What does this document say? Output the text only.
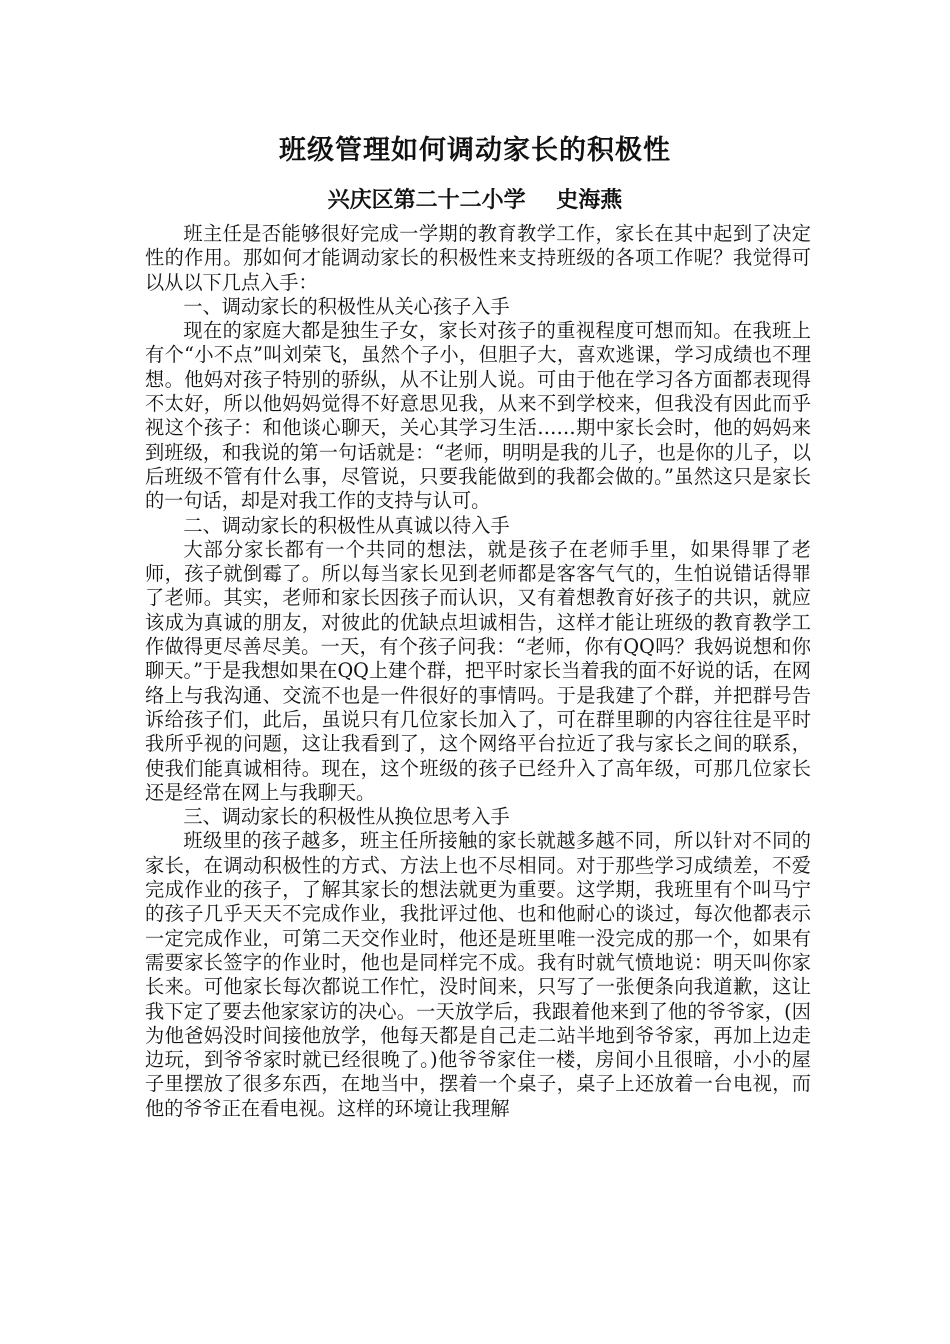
班级管理如何调动家长的积极性
兴庆区第二十二小学    史海燕

班主任是否能够很好完成一学期的教育教学工作，家长在其中起到了决定性的作用。那如何才能调动家长的积极性来支持班级的各项工作呢？我觉得可以从以下几点入手：

一、调动家长的积极性从关心孩子入手

现在的家庭大都是独生子女，家长对孩子的重视程度可想而知。在我班上有个“小不点”叫刘荣飞，虽然个子小，但胆子大，喜欢逃课，学习成绩也不理想。他妈对孩子特别的骄纵，从不让别人说。可由于他在学习各方面都表现得不太好，所以他妈妈觉得不好意思见我，从来不到学校来，但我没有因此而乎视这个孩子：和他谈心聊天，关心其学习生活……期中家长会时，他的妈妈来到班级，和我说的第一句话就是：“老师，明明是我的儿子，也是你的儿子，以后班级不管有什么事，尽管说，只要我能做到的我都会做的。”虽然这只是家长的一句话，却是对我工作的支持与认可。

二、调动家长的积极性从真诚以待入手

大部分家长都有一个共同的想法，就是孩子在老师手里，如果得罪了老师，孩子就倒霉了。所以每当家长见到老师都是客客气气的，生怕说错话得罪了老师。其实，老师和家长因孩子而认识，又有着想教育好孩子的共识，就应该成为真诚的朋友，对彼此的优缺点坦诚相告，这样才能让班级的教育教学工作做得更尽善尽美。一天，有个孩子问我：“老师，你有QQ吗？我妈说想和你聊天。”于是我想如果在QQ上建个群，把平时家长当着我的面不好说的话，在网络上与我沟通、交流不也是一件很好的事情吗。于是我建了个群，并把群号告诉给孩子们，此后，虽说只有几位家长加入了，可在群里聊的内容往往是平时我所乎视的问题，这让我看到了，这个网络平台拉近了我与家长之间的联系，使我们能真诚相待。现在，这个班级的孩子已经升入了高年级，可那几位家长还是经常在网上与我聊天。

三、调动家长的积极性从换位思考入手

班级里的孩子越多，班主任所接触的家长就越多越不同，所以针对不同的家长，在调动积极性的方式、方法上也不尽相同。对于那些学习成绩差，不爱完成作业的孩子，了解其家长的想法就更为重要。这学期，我班里有个叫马宁的孩子几乎天天不完成作业，我批评过他、也和他耐心的谈过，每次他都表示一定完成作业，可第二天交作业时，他还是班里唯一没完成的那一个，如果有需要家长签字的作业时，他也是同样完不成。我有时就气愤地说：明天叫你家长来。可他家长每次都说工作忙，没时间来，只写了一张便条向我道歉，这让我下定了要去他家家访的决心。一天放学后，我跟着他来到了他的爷爷家，(因为他爸妈没时间接他放学，他每天都是自己走二站半地到爷爷家，再加上边走边玩，到爷爷家时就已经很晚了。)他爷爷家住一楼，房间小且很暗，小小的屋子里摆放了很多东西，在地当中，摆着一个桌子，桌子上还放着一台电视，而他的爷爷正在看电视。这样的环境让我理解
